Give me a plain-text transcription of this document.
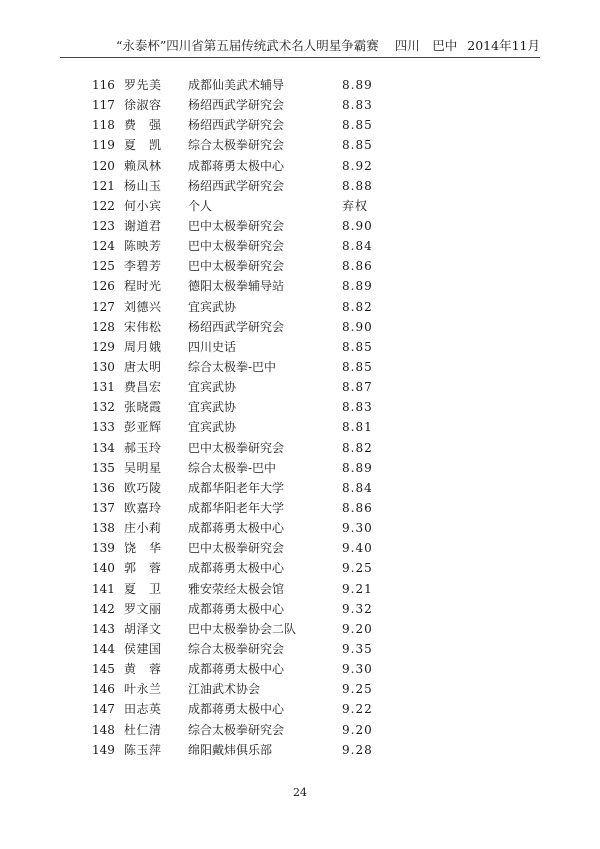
“永泰杯”四川省第五届传统武术名人明星争霸赛 四川　巴中 2014年11月
116 罗先美 成都仙美武术辅导	8.89
117 徐淑容 杨绍西武学研究会	8.83
118 费　强 杨绍西武学研究会	8.85
119 夏　凯 综合太极拳研究会	8.85
120 赖凤林 成都蒋勇太极中心	8.92
121 杨山玉 杨绍西武学研究会	8.88
122 何小宾 个人	弃权
123 谢道君 巴中太极拳研究会	8.90
124 陈映芳 巴中太极拳研究会	8.84
125 李碧芳 巴中太极拳研究会	8.86
126 程时光 德阳太极拳辅导站	8.89
127 刘德兴 宜宾武协	8.82
128 宋伟松 杨绍西武学研究会	8.90
129 周月娥 四川史话	8.85
130 唐太明 综合太极拳-巴中	8.85
131 费昌宏 宜宾武协	8.87
132 张晓霞 宜宾武协	8.83
133 彭亚辉 宜宾武协	8.81
134 郝玉玲 巴中太极拳研究会	8.82
135 吴明星 综合太极拳-巴中	8.89
136 欧巧陵 成都华阳老年大学	8.84
137 欧嘉玲 成都华阳老年大学	8.86
138 庄小莉 成都蒋勇太极中心	9.30
139 饶　华 巴中太极拳研究会	9.40
140 郭　蓉 成都蒋勇太极中心	9.25
141 夏　卫 雅安荥经太极会馆	9.21
142 罗文丽 成都蒋勇太极中心	9.32
143 胡泽文 巴中太极拳协会二队	9.20
144 侯建国 综合太极拳研究会	9.35
145 黄　蓉 成都蒋勇太极中心	9.30
146 叶永兰 江油武术协会	9.25
147 田志英 成都蒋勇太极中心	9.22
148 杜仁清 综合太极拳研究会	9.20
149 陈玉萍 绵阳戴炜俱乐部	9.28
24
